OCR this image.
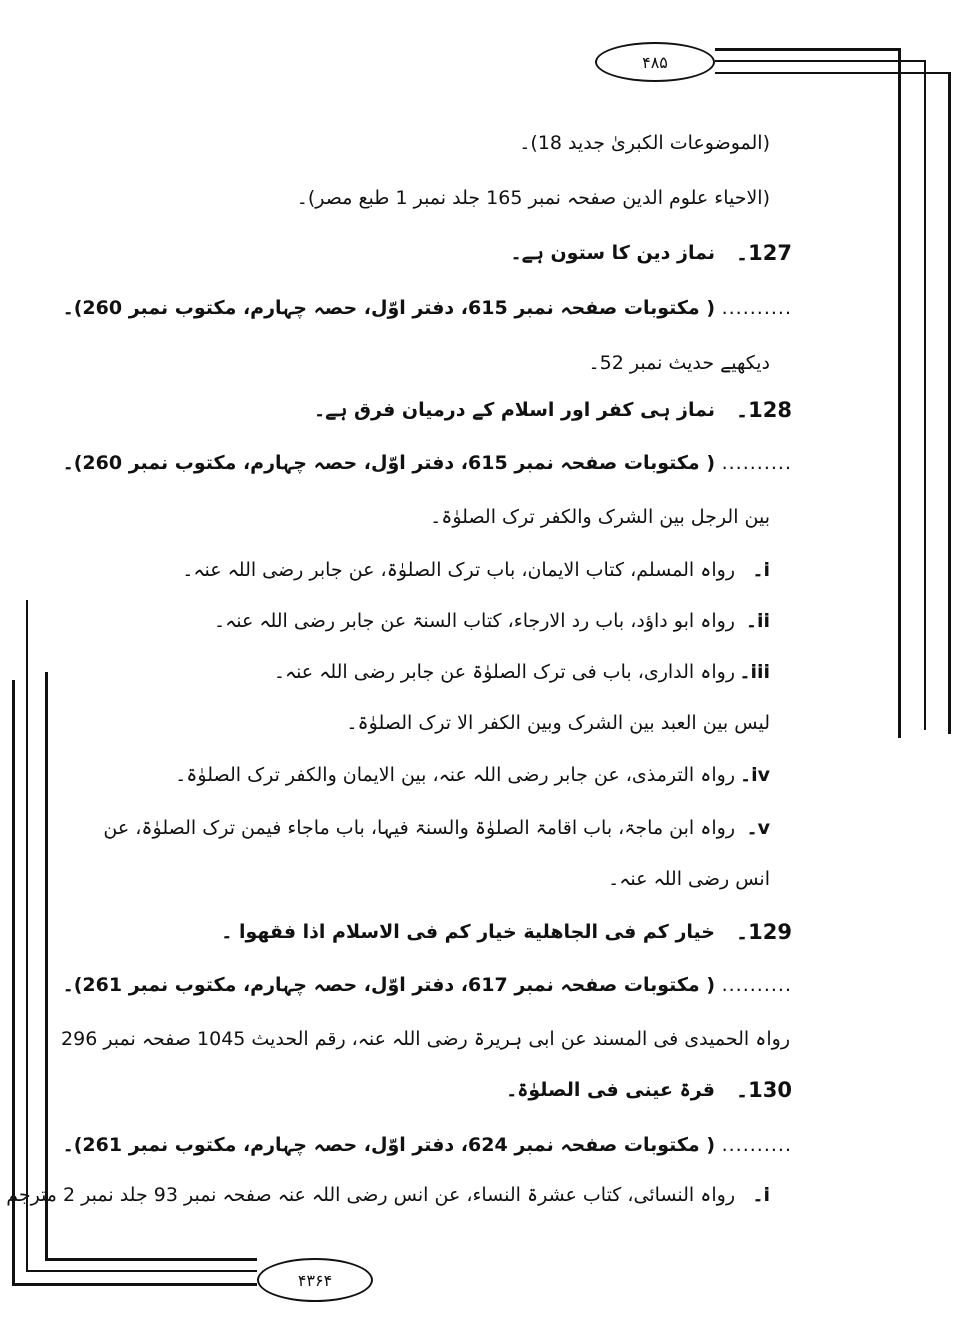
۴۸۵
۴۳۶۴
(الموضوعات الکبریٰ جدید 18)۔
(الاحیاء علوم الدین صفحہ نمبر 165 جلد نمبر 1 طبع مصر)۔
127۔
نماز دین کا ستون ہے۔
..........
( مکتوبات صفحہ نمبر 615، دفتر اوّل، حصہ چہارم، مکتوب نمبر 260)۔
دیکھیے حدیث نمبر 52۔
128۔
نماز ہی کفر اور اسلام کے درمیان فرق ہے۔
..........
( مکتوبات صفحہ نمبر 615، دفتر اوّل، حصہ چہارم، مکتوب نمبر 260)۔
بین الرجل بین الشرک والکفر ترک الصلوٰۃ۔
i۔
رواہ المسلم، کتاب الایمان، باب ترک الصلوٰۃ، عن جابر رضی اللہ عنہ۔
ii۔
رواہ ابو داؤد، باب رد الارجاء، کتاب السنۃ عن جابر رضی اللہ عنہ۔
iii۔
رواہ الداری، باب فی ترک الصلوٰۃ عن جابر رضی اللہ عنہ۔
لیس بین العبد بین الشرک وبین الکفر الا ترک الصلوٰۃ۔
iv۔
رواہ الترمذی، عن جابر رضی اللہ عنہ، بین الایمان والکفر ترک الصلوٰۃ۔
v۔
رواہ ابن ماجۃ، باب اقامۃ الصلوٰۃ والسنۃ فیہا، باب ماجاء فیمن ترک الصلوٰۃ، عن
انس رضی اللہ عنہ۔
129۔
خیار کم فی الجاهلیة خیار کم فی الاسلام اذا فقهوا ۔
..........
( مکتوبات صفحہ نمبر 617، دفتر اوّل، حصہ چہارم، مکتوب نمبر 261)۔
رواہ الحمیدی فی المسند عن ابی ہریرۃ رضی اللہ عنہ، رقم الحدیث 1045 صفحہ نمبر 296
130۔
قرۃ عینی فی الصلوٰۃ۔
..........
( مکتوبات صفحہ نمبر 624، دفتر اوّل، حصہ چہارم، مکتوب نمبر 261)۔
i۔
رواہ النسائی، کتاب عشرۃ النساء، عن انس رضی اللہ عنہ صفحہ نمبر 93 جلد نمبر 2 مترجم
